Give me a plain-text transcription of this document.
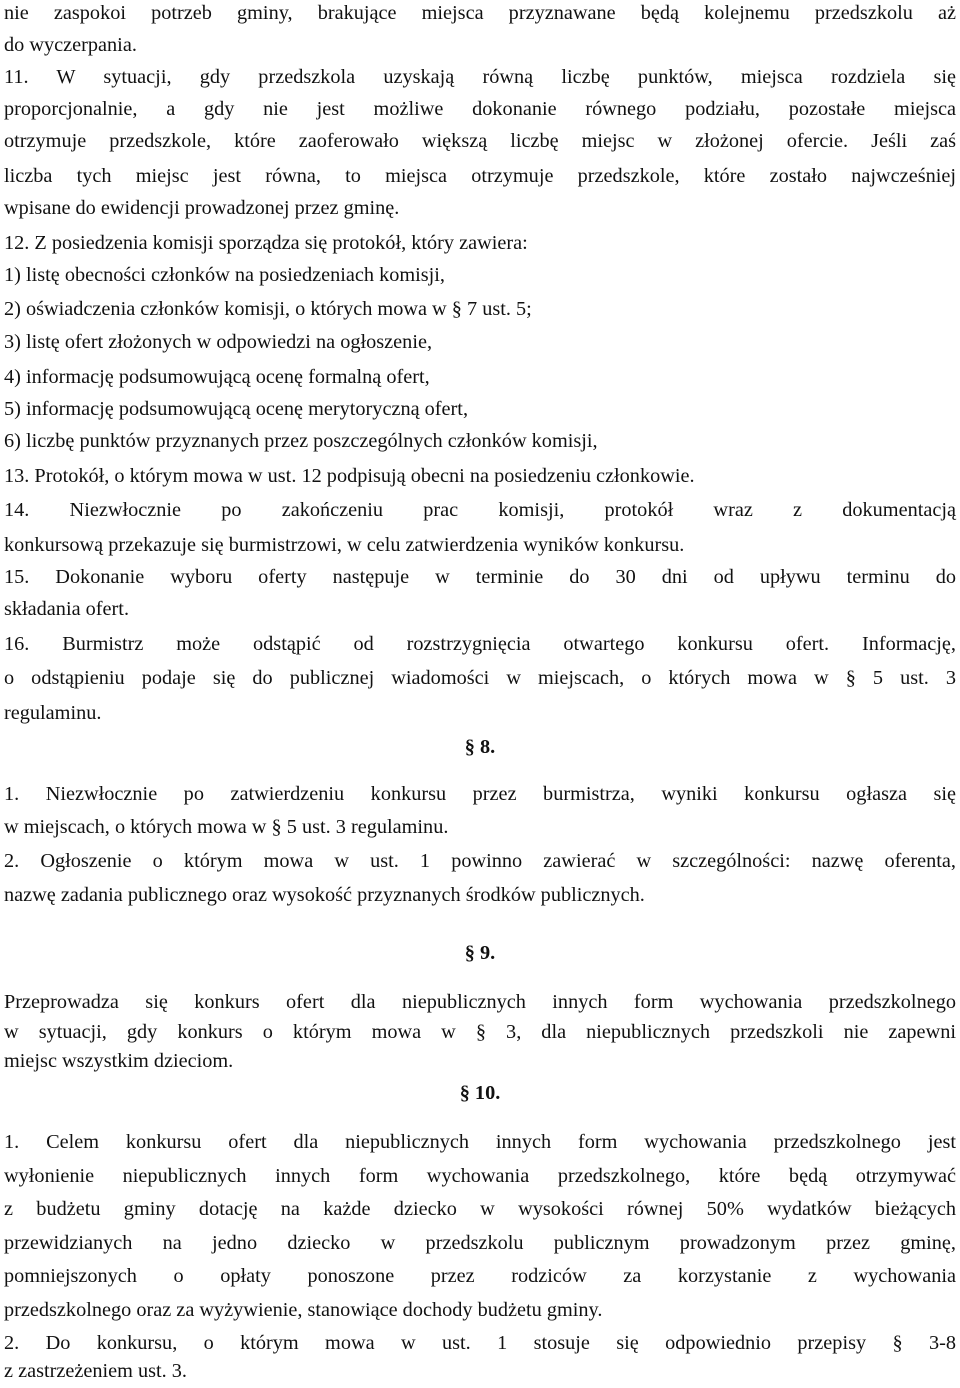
nie zaspokoi potrzeb gminy, brakujące miejsca przyznawane będą kolejnemu przedszkolu aż
do wyczerpania.
11. W sytuacji, gdy przedszkola uzyskają równą liczbę punktów, miejsca rozdziela się
proporcjonalnie, a gdy nie jest możliwe dokonanie równego podziału, pozostałe miejsca
otrzymuje przedszkole, które zaoferowało większą liczbę miejsc w złożonej ofercie. Jeśli zaś
liczba tych miejsc jest równa, to miejsca otrzymuje przedszkole, które zostało najwcześniej
wpisane do ewidencji prowadzonej przez gminę.
12. Z posiedzenia komisji sporządza się protokół, który zawiera:
1) listę obecności członków na posiedzeniach komisji,
2) oświadczenia członków komisji, o których mowa w § 7 ust. 5;
3) listę ofert złożonych w odpowiedzi na ogłoszenie,
4) informację podsumowującą ocenę formalną ofert,
5) informację podsumowującą ocenę merytoryczną ofert,
6) liczbę punktów przyznanych przez poszczególnych członków komisji,
13. Protokół, o którym mowa w ust. 12 podpisują obecni na posiedzeniu członkowie.
14. Niezwłocznie po zakończeniu prac komisji, protokół wraz z dokumentacją
konkursową przekazuje się burmistrzowi, w celu zatwierdzenia wyników konkursu.
15. Dokonanie wyboru oferty następuje w terminie do 30 dni od upływu terminu do
składania ofert.
16. Burmistrz może odstąpić od rozstrzygnięcia otwartego konkursu ofert. Informację,
o odstąpieniu podaje się do publicznej wiadomości w miejscach, o których mowa w § 5 ust. 3
regulaminu.
§ 8.
1. Niezwłocznie po zatwierdzeniu konkursu przez burmistrza, wyniki konkursu ogłasza się
w miejscach, o których mowa w § 5 ust. 3 regulaminu.
2. Ogłoszenie o którym mowa w ust. 1 powinno zawierać w szczególności: nazwę oferenta,
nazwę zadania publicznego oraz wysokość przyznanych środków publicznych.
§ 9.
Przeprowadza się konkurs ofert dla niepublicznych innych form wychowania przedszkolnego
w sytuacji, gdy konkurs o którym mowa w § 3, dla niepublicznych przedszkoli nie zapewni
miejsc wszystkim dzieciom.
§ 10.
1. Celem konkursu ofert dla niepublicznych innych form wychowania przedszkolnego jest
wyłonienie niepublicznych innych form wychowania przedszkolnego, które będą otrzymywać
z budżetu gminy dotację na każde dziecko w wysokości równej 50% wydatków bieżących
przewidzianych na jedno dziecko w przedszkolu publicznym prowadzonym przez gminę,
pomniejszonych o opłaty ponoszone przez rodziców za korzystanie z wychowania
przedszkolnego oraz za wyżywienie, stanowiące dochody budżetu gminy.
2. Do konkursu, o którym mowa w ust. 1 stosuje się odpowiednio przepisy § 3-8
z zastrzeżeniem ust. 3.
